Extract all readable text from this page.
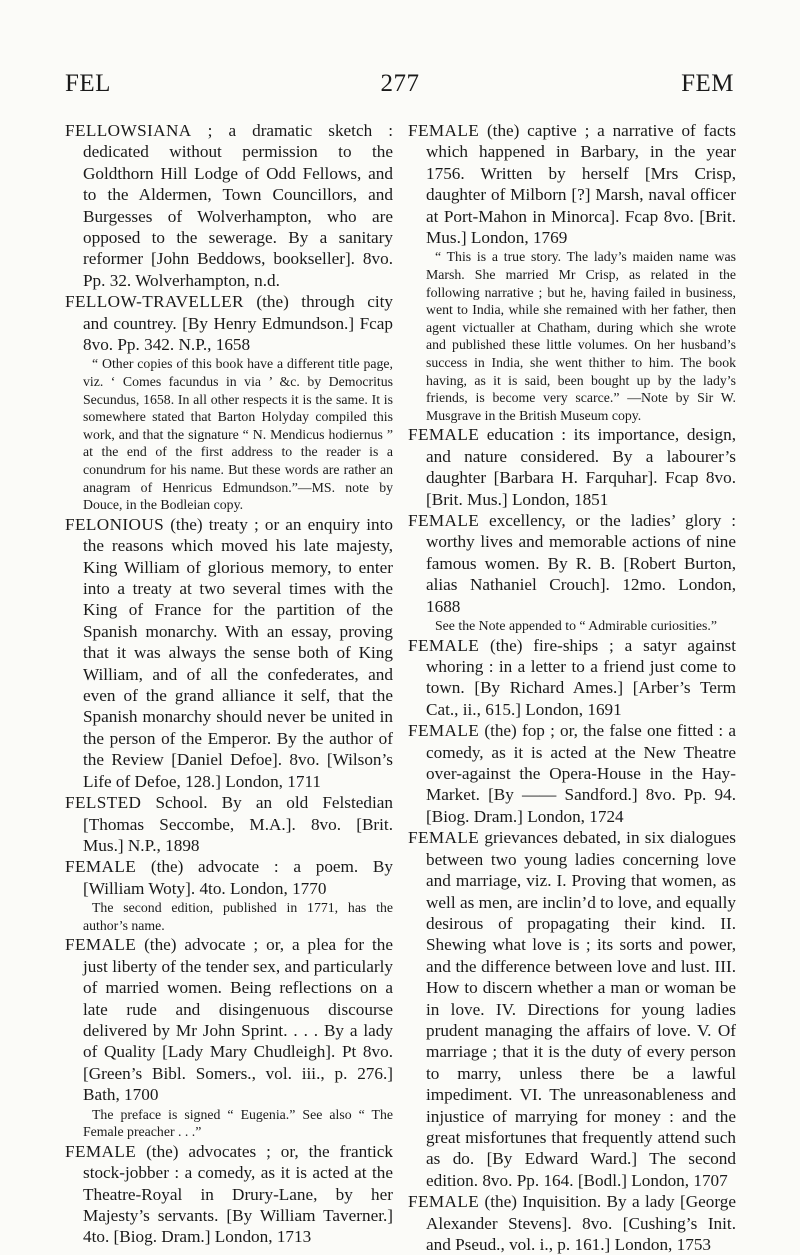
FEL	277	FEM

FELLOWSIANA ; a dramatic sketch : dedicated without permission to the Goldthorn Hill Lodge of Odd Fellows, and to the Aldermen, Town Councillors, and Burgesses of Wolverhampton, who are opposed to the sewerage. By a sanitary reformer [John Beddows, bookseller]. 8vo. Pp. 32. Wolverhampton, n.d.

FELLOW-TRAVELLER (the) through city and countrey. [By Henry Edmundson.] Fcap 8vo. Pp. 342. N.P., 1658

“ Other copies of this book have a different title page, viz. ‘ Comes facundus in via ’ &c. by Democritus Secundus, 1658. In all other respects it is the same. It is somewhere stated that Barton Holyday compiled this work, and that the signature “ N. Mendicus hodiernus ” at the end of the first address to the reader is a conundrum for his name. But these words are rather an anagram of Henricus Edmundson.”—MS. note by Douce, in the Bodleian copy.

FELONIOUS (the) treaty ; or an enquiry into the reasons which moved his late majesty, King William of glorious memory, to enter into a treaty at two several times with the King of France for the partition of the Spanish monarchy. With an essay, proving that it was always the sense both of King William, and of all the confederates, and even of the grand alliance it self, that the Spanish monarchy should never be united in the person of the Emperor. By the author of the Review [Daniel Defoe]. 8vo. [Wilson’s Life of Defoe, 128.] London, 1711

FELSTED School. By an old Felstedian [Thomas Seccombe, M.A.]. 8vo. [Brit. Mus.] N.P., 1898

FEMALE (the) advocate : a poem. By [William Woty]. 4to. London, 1770

The second edition, published in 1771, has the author’s name.

FEMALE (the) advocate ; or, a plea for the just liberty of the tender sex, and particularly of married women. Being reflections on a late rude and disingenuous discourse delivered by Mr John Sprint. . . . By a lady of Quality [Lady Mary Chudleigh]. Pt 8vo. [Green’s Bibl. Somers., vol. iii., p. 276.] Bath, 1700

The preface is signed “ Eugenia.” See also “ The Female preacher . . .”

FEMALE (the) advocates ; or, the frantick stock-jobber : a comedy, as it is acted at the Theatre-Royal in Drury-Lane, by her Majesty’s servants. [By William Taverner.] 4to. [Biog. Dram.] London, 1713

FEMALE (the) captive ; a narrative of facts which happened in Barbary, in the year 1756. Written by herself [Mrs Crisp, daughter of Milborn [?] Marsh, naval officer at Port-Mahon in Minorca]. Fcap 8vo. [Brit. Mus.] London, 1769

“ This is a true story. The lady’s maiden name was Marsh. She married Mr Crisp, as related in the following narrative ; but he, having failed in business, went to India, while she remained with her father, then agent victualler at Chatham, during which she wrote and published these little volumes. On her husband’s success in India, she went thither to him. The book having, as it is said, been bought up by the lady’s friends, is become very scarce.” —Note by Sir W. Musgrave in the British Museum copy.

FEMALE education : its importance, design, and nature considered. By a labourer’s daughter [Barbara H. Farquhar]. Fcap 8vo. [Brit. Mus.] London, 1851

FEMALE excellency, or the ladies’ glory : worthy lives and memorable actions of nine famous women. By R. B. [Robert Burton, alias Nathaniel Crouch]. 12mo. London, 1688

See the Note appended to “ Admirable curiosities.”

FEMALE (the) fire-ships ; a satyr against whoring : in a letter to a friend just come to town. [By Richard Ames.] [Arber’s Term Cat., ii., 615.] London, 1691

FEMALE (the) fop ; or, the false one fitted : a comedy, as it is acted at the New Theatre over-against the Opera-House in the Hay-Market. [By —— Sandford.] 8vo. Pp. 94. [Biog. Dram.] London, 1724

FEMALE grievances debated, in six dialogues between two young ladies concerning love and marriage, viz. I. Proving that women, as well as men, are inclin’d to love, and equally desirous of propagating their kind. II. Shewing what love is ; its sorts and power, and the difference between love and lust. III. How to discern whether a man or woman be in love. IV. Directions for young ladies prudent managing the affairs of love. V. Of marriage ; that it is the duty of every person to marry, unless there be a lawful impediment. VI. The unreasonableness and injustice of marrying for money : and the great misfortunes that frequently attend such as do. [By Edward Ward.] The second edition. 8vo. Pp. 164. [Bodl.] London, 1707

FEMALE (the) Inquisition. By a lady [George Alexander Stevens]. 8vo. [Cushing’s Init. and Pseud., vol. i., p. 161.] London, 1753
